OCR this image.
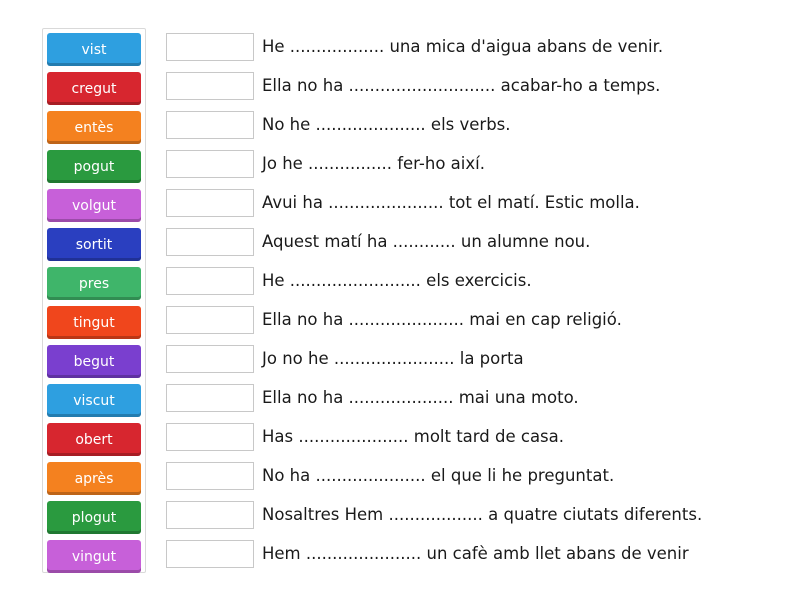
vist
cregut
entès
pogut
volgut
sortit
pres
tingut
begut
viscut
obert
après
plogut
vingut
He .................. una mica d'aigua abans de venir.
Ella no ha ............................ acabar-ho a temps.
No he ..................... els verbs.
Jo he ................ fer-ho així.
Avui ha ...................... tot el matí. Estic molla.
Aquest matí ha ............ un alumne nou.
He ......................... els exercicis.
Ella no ha ...................... mai en cap religió.
Jo no he ....................... la porta
Ella no ha .................... mai una moto.
Has ..................... molt tard de casa.
No ha ..................... el que li he preguntat.
Nosaltres Hem .................. a quatre ciutats diferents.
Hem ...................... un cafè amb llet abans de venir
